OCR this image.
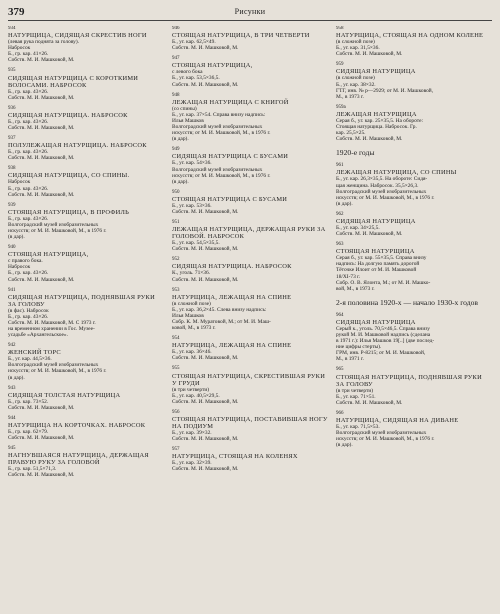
379	Рисунки
934
НАТУРЩИЦА, СИДЯЩАЯ СКРЕСТИВ НОГИ
(левая рука поднята за голову).
Набросок
Б., гр. кар. 41×26.
Собств. М. И. Машковой, М.
935
СИДЯЩАЯ НАТУРЩИЦА С КОРОТКИМИ ВОЛОСАМИ. НАБРОСОК
Б., гр. кар. 43×26.
Собств. М. И. Машковой, М.
936
СИДЯЩАЯ НАТУРЩИЦА. НАБРОСОК
Б., гр. кар. 43×26.
Собств. М. И. Машковой, М.
937
ПОЛУЛЕЖАЩАЯ НАТУРЩИЦА. НАБРОСОК
Б., гр. кар. 43×26.
Собств. М. И. Машковой, М.
938
СИДЯЩАЯ НАТУРЩИЦА, СО СПИНЫ.
Набросок
Б., гр. кар. 43×26.
Собств. М. И. Машковой, М.
939
СТОЯЩАЯ НАТУРЩИЦА, В ПРОФИЛЬ
Б., гр. кар. 43×26.
Волгоградский музей изобразительных
искусств; от М. И. Машковой, М., в 1976 г.
(в дар).
940
СТОЯЩАЯ НАТУРЩИЦА,
с правого бока.
Набросок
Б., гр. кар. 43×26.
Собств. М. И. Машковой, М.
941
СИДЯЩАЯ НАТУРЩИЦА, ПОДНЯВШАЯ РУКИ ЗА ГОЛОВУ
(в фас). Набросок
Б., гр. кар. 43×26.
Собств. М. И. Машковой, М. С 1973 г.
на временном хранении в Гос. Музее-
усадьбе «Архангельское».
942
ЖЕНСКИЙ ТОРС
Б., уг. кар. 44,5×36.
Волгоградский музей изобразительных
искусств; от М. И. Машковой, М., в 1976 г.
(в дар).
943
СИДЯЩАЯ ТОЛСТАЯ НАТУРЩИЦА
Б., гр. кар. 73×52.
Собств. М. И. Машковой, М.
944
НАТУРЩИЦА НА КОРТОЧКАХ. НАБРОСОК
Б., гр. кар. 62×79.
Собств. М. И. Машковой, М.
945
НАГНУВШАЯСЯ НАТУРЩИЦА, ДЕРЖАЩАЯ ПРАВУЮ РУКУ ЗА ГОЛОВОЙ
Б., гр. кар. 51,5×71,3.
Собств. М. И. Машковой, М.
946
СТОЯЩАЯ НАТУРЩИЦА, В ТРИ ЧЕТВЕРТИ
Б., уг. кар. 62,5×49.
Собств. М. И. Машковой, М.
947
СТОЯЩАЯ НАТУРЩИЦА,
с левого бока
Б., уг. кар. 53,5×36,5.
Собств. М. И. Машковой, М.
948
ЛЕЖАЩАЯ НАТУРЩИЦА С КНИГОЙ
(со спины)
Б., уг. кар. 37×54. Справа внизу надпись:
Илья Машков
Волгоградский музей изобразительных
искусств; от М. И. Машковой, М., в 1976 г.
(в дар).
949
СИДЯЩАЯ НАТУРЩИЦА С БУСАМИ
Б., уг. кар. 54×36.
Волгоградский музей изобразительных
искусств; от М. И. Машковой, М., в 1976 г.
(в дар).
950
СТОЯЩАЯ НАТУРЩИЦА С БУСАМИ
Б., уг. кар. 53×36.
Собств. М. И. Машковой, М.
951
ЛЕЖАЩАЯ НАТУРЩИЦА, ДЕРЖАЩАЯ РУКИ ЗА ГОЛОВОЙ. НАБРОСОК
Б., уг. кар. 54,5×35,5.
Собств. М. И. Машковой, М.
952
СИДЯЩАЯ НАТУРЩИЦА. НАБРОСОК
К., уголь. 71×36.
Собств. М. И. Машковой, М.
953
НАТУРЩИЦА, ЛЕЖАЩАЯ НА СПИНЕ
(в сложной позе)
Б., уг. кар. 36,2×45. Слева внизу надпись:
Илья Машков
Собр. К. М. Муратовой, М.; от М. И. Маш-
ковой, М., в 1973 г.
954
НАТУРЩИЦА, ЛЕЖАЩАЯ НА СПИНЕ
Б., уг. кар. 36×46.
Собств. М. И. Машковой, М.
955
СТОЯЩАЯ НАТУРЩИЦА, СКРЕСТИВШАЯ РУКИ У ГРУДИ
(в три четверти)
Б., уг. кар. 40,5×29,5.
Собств. М. И. Машковой, М.
956
СТОЯЩАЯ НАТУРЩИЦА, ПОСТАВИВШАЯ НОГУ НА ПОДИУМ
Б., уг. кар. 39×32.
Собств. М. И. Машковой, М.
957
НАТУРЩИЦА, СТОЯЩАЯ НА КОЛЕНЯХ
Б., уг. кар. 32×39.
Собств. М. И. Машковой, М.
958
НАТУРЩИЦА, СТОЯЩАЯ НА ОДНОМ КОЛЕНЕ
(в сложной позе)
Б., уг. кар. 31,5×36.
Собств. М. И. Машковой, М.
959
СИДЯЩАЯ НАТУРЩИЦА
(в сложной позе)
Б., уг. кар. 38×32.
ГТГ, инв. № р—2929; от М. И. Машковой,
М., в 1973 г.
959а
ЛЕЖАЩАЯ НАТУРЩИЦА
Серая б., уг. кар. 25×35,5. На обороте:
Стоящая натурщица. Набросок. Гр.
кар. 25,5×25.
Собств. М. И. Машковой, М.
1920-е годы
961
ЛЕЖАЩАЯ НАТУРЩИЦА, СО СПИНЫ
Б., уг. кар. 26,3×35,5. На обороте: Сидя-
щая женщина. Набросок. 35,5×26,3.
Волгоградский музей изобразительных
искусств; от М. И. Машковой, М., в 1976 г.
(в дар).
962
СИДЯЩАЯ НАТУРЩИЦА
Б., уг. кар. 34×25,5.
Собств. М. И. Машковой, М.
963
СТОЯЩАЯ НАТУРЩИЦА
Серая б., уг. кар. 55×35,5. Справа внизу
надпись: На долгую память дорогой
Тёточке Илоит от М. И. Машковой
18/XI-73 г.
Собр. О. В. Ялонта, М.; от М. И. Машко-
вой, М., в 1973 г.
2-я половина 1920-х — начало 1930-х годов
964
СИДЯЩАЯ НАТУРЩИЦА
Серый к., уголь. 70,5×46,5. Справа внизу
рукой М. И. Машковой надпись (сделана
в 1971 г.): Илья Машков 19[..] (две послед-
ние цифры стерты).
ГРМ, инв. Р-8215; от М. И. Машковой,
М., в 1971 г.
965
СТОЯЩАЯ НАТУРЩИЦА, ПОДНЯВШАЯ РУКИ ЗА ГОЛОВУ
(в три четверти)
Б., уг. кар. 71×51.
Собств. М. И. Машковой, М.
966
НАТУРЩИЦА, СИДЯЩАЯ НА ДИВАНЕ
Б., уг. кар. 71,5×53.
Волгоградский музей изобразительных
искусств; от М. И. Машковой, М., в 1976 г.
(в дар).
